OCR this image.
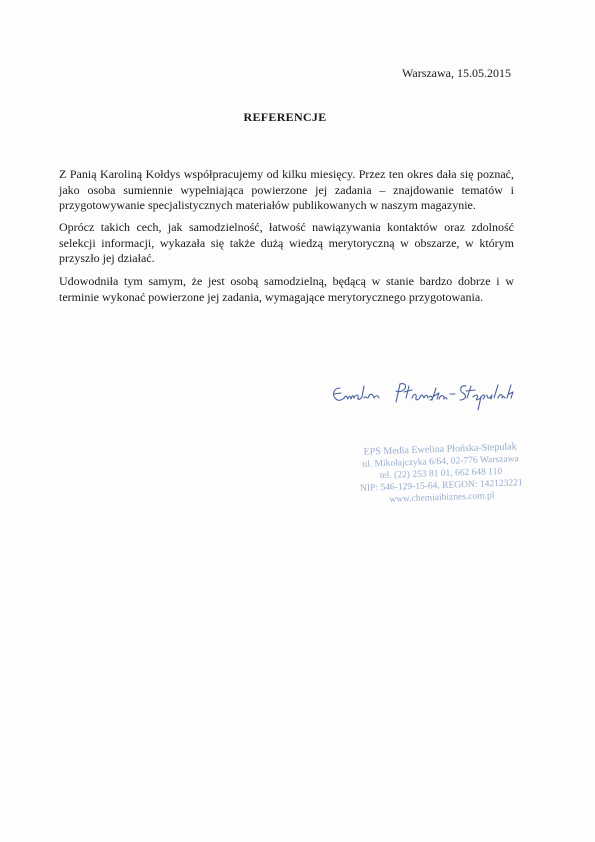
Warszawa, 15.05.2015
REFERENCJE

Z Panią Karoliną Kołdys współpracujemy od kilku miesięcy. Przez ten okres dała się poznać, jako osoba sumiennie wypełniająca powierzone jej zadania – znajdowanie tematów i przygotowywanie specjalistycznych materiałów publikowanych w naszym magazynie.

Oprócz takich cech, jak samodzielność, łatwość nawiązywania kontaktów oraz zdolność selekcji informacji, wykazała się także dużą wiedzą merytoryczną w obszarze, w którym przyszło jej działać.

Udowodniła tym samym, że jest osobą samodzielną, będącą w stanie bardzo dobrze i w terminie wykonać powierzone jej zadania, wymagające merytorycznego przygotowania.

EPS Media Ewelina Płońska-Stepulak
ul. Mikołajczyka 6/64, 02-776 Warszawa
tel. (22) 253 81 01, 662 648 110
NIP: 546-129-15-64, REGON: 142123221
www.chemiaibiznes.com.pl
